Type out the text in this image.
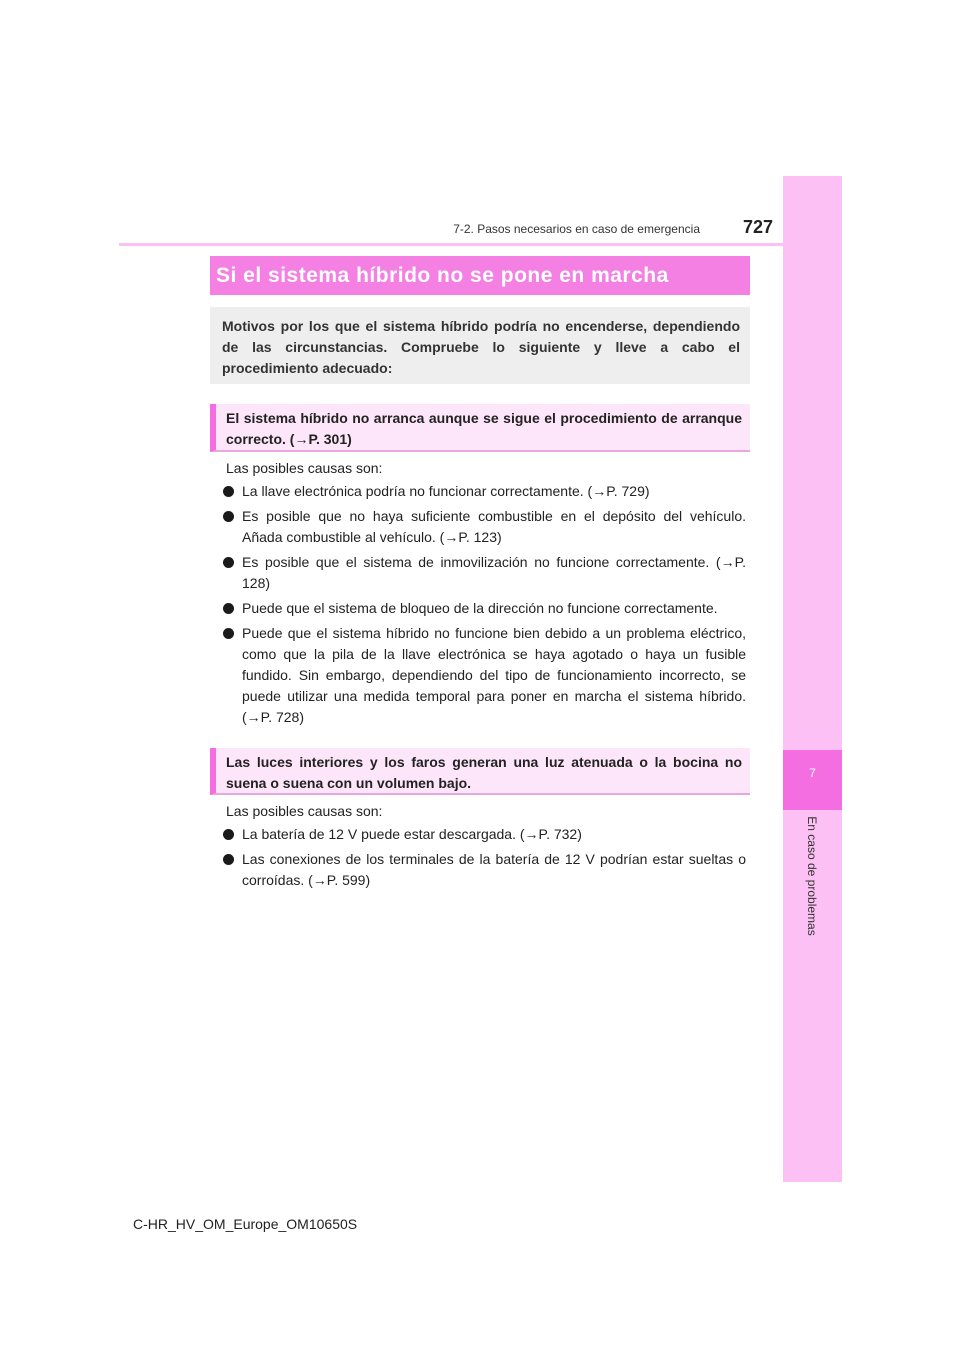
7
En caso de problemas
7-2. Pasos necesarios en caso de emergencia	727
Si el sistema híbrido no se pone en marcha
Motivos por los que el sistema híbrido podría no encenderse, dependiendo de las circunstancias. Compruebe lo siguiente y lleve a cabo el procedimiento adecuado:
El sistema híbrido no arranca aunque se sigue el procedimiento de arranque correcto. (→P. 301)
Las posibles causas son:
La llave electrónica podría no funcionar correctamente. (→P. 729)
Es posible que no haya suficiente combustible en el depósito del vehículo. Añada combustible al vehículo. (→P. 123)
Es posible que el sistema de inmovilización no funcione correctamente. (→P. 128)
Puede que el sistema de bloqueo de la dirección no funcione correctamente.
Puede que el sistema híbrido no funcione bien debido a un problema eléctrico, como que la pila de la llave electrónica se haya agotado o haya un fusible fundido. Sin embargo, dependiendo del tipo de funcionamiento incorrecto, se puede utilizar una medida temporal para poner en marcha el sistema híbrido. (→P. 728)
Las luces interiores y los faros generan una luz atenuada o la bocina no suena o suena con un volumen bajo.
Las posibles causas son:
La batería de 12 V puede estar descargada. (→P. 732)
Las conexiones de los terminales de la batería de 12 V podrían estar sueltas o corroídas. (→P. 599)
C-HR_HV_OM_Europe_OM10650S
